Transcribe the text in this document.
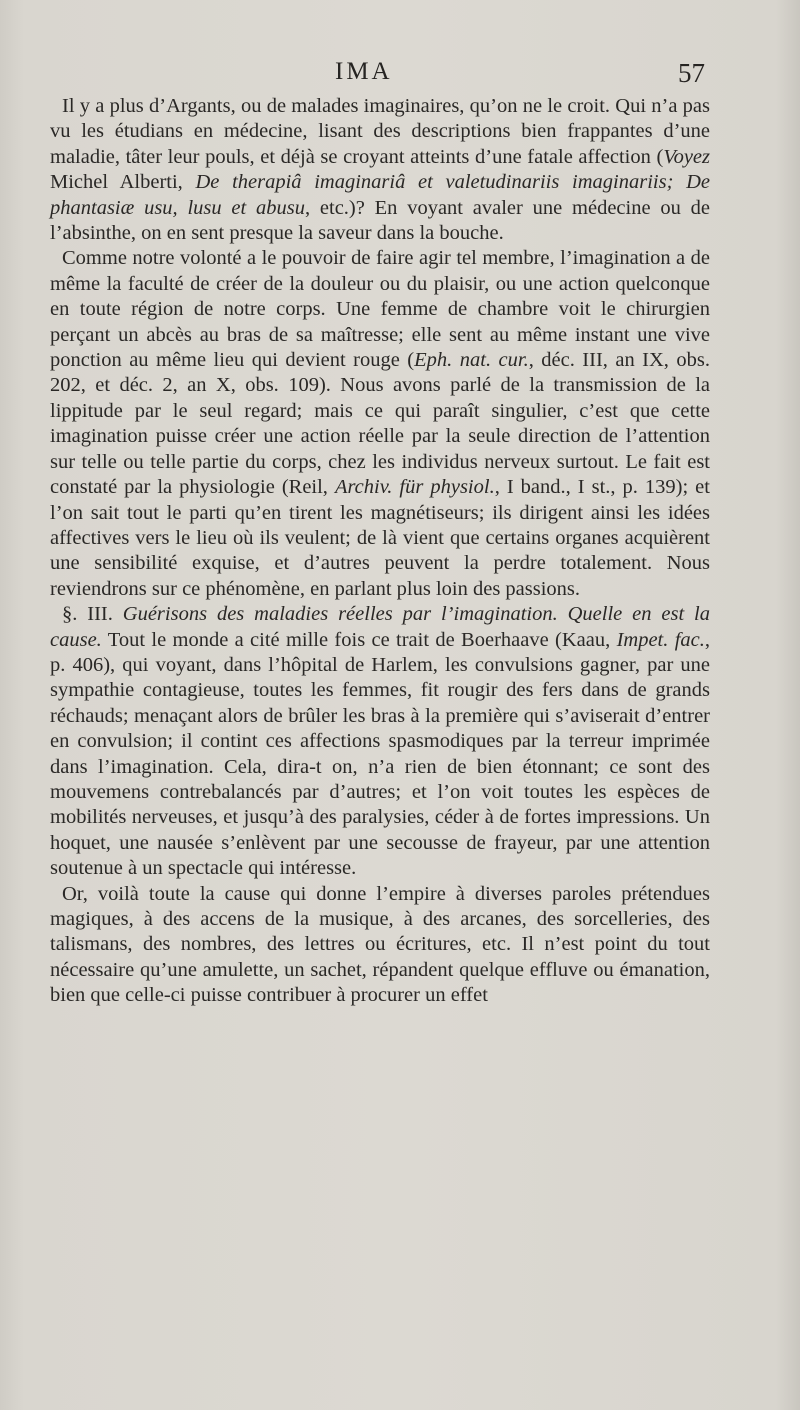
IMA	57

Il y a plus d’Argants, ou de malades imaginaires, qu’on ne le croit. Qui n’a pas vu les étudians en médecine, lisant des descriptions bien frappantes d’une maladie, tâter leur pouls, et déjà se croyant atteints d’une fatale affection (Voyez Michel Alberti, De therapiâ imaginariâ et valetudinariis imaginariis; De phantasiæ usu, lusu et abusu, etc.)? En voyant avaler une médecine ou de l’absinthe, on en sent presque la saveur dans la bouche.

Comme notre volonté a le pouvoir de faire agir tel membre, l’imagination a de même la faculté de créer de la douleur ou du plaisir, ou une action quelconque en toute région de notre corps. Une femme de chambre voit le chirurgien perçant un abcès au bras de sa maîtresse; elle sent au même instant une vive ponction au même lieu qui devient rouge (Eph. nat. cur., déc. III, an IX, obs. 202, et déc. 2, an X, obs. 109). Nous avons parlé de la transmission de la lippitude par le seul regard; mais ce qui paraît singulier, c’est que cette imagination puisse créer une action réelle par la seule direction de l’attention sur telle ou telle partie du corps, chez les individus nerveux surtout. Le fait est constaté par la physiologie (Reil, Archiv. für physiol., I band., I st., p. 139); et l’on sait tout le parti qu’en tirent les magnétiseurs; ils dirigent ainsi les idées affectives vers le lieu où ils veulent; de là vient que certains organes acquièrent une sensibilité exquise, et d’autres peuvent la perdre totalement. Nous reviendrons sur ce phénomène, en parlant plus loin des passions.

§. III. Guérisons des maladies réelles par l’imagination. Quelle en est la cause. Tout le monde a cité mille fois ce trait de Boerhaave (Kaau, Impet. fac., p. 406), qui voyant, dans l’hôpital de Harlem, les convulsions gagner, par une sympathie contagieuse, toutes les femmes, fit rougir des fers dans de grands réchauds; menaçant alors de brûler les bras à la première qui s’aviserait d’entrer en convulsion; il contint ces affections spasmodiques par la terreur imprimée dans l’imagination. Cela, dira-t on, n’a rien de bien étonnant; ce sont des mouvemens contrebalancés par d’autres; et l’on voit toutes les espèces de mobilités nerveuses, et jusqu’à des paralysies, céder à de fortes impressions. Un hoquet, une nausée s’enlèvent par une secousse de frayeur, par une attention soutenue à un spectacle qui intéresse.

Or, voilà toute la cause qui donne l’empire à diverses paroles prétendues magiques, à des accens de la musique, à des arcanes, des sorcelleries, des talismans, des nombres, des lettres ou écritures, etc. Il n’est point du tout nécessaire qu’une amulette, un sachet, répandent quelque effluve ou émanation, bien que celle-ci puisse contribuer à procurer un effet
